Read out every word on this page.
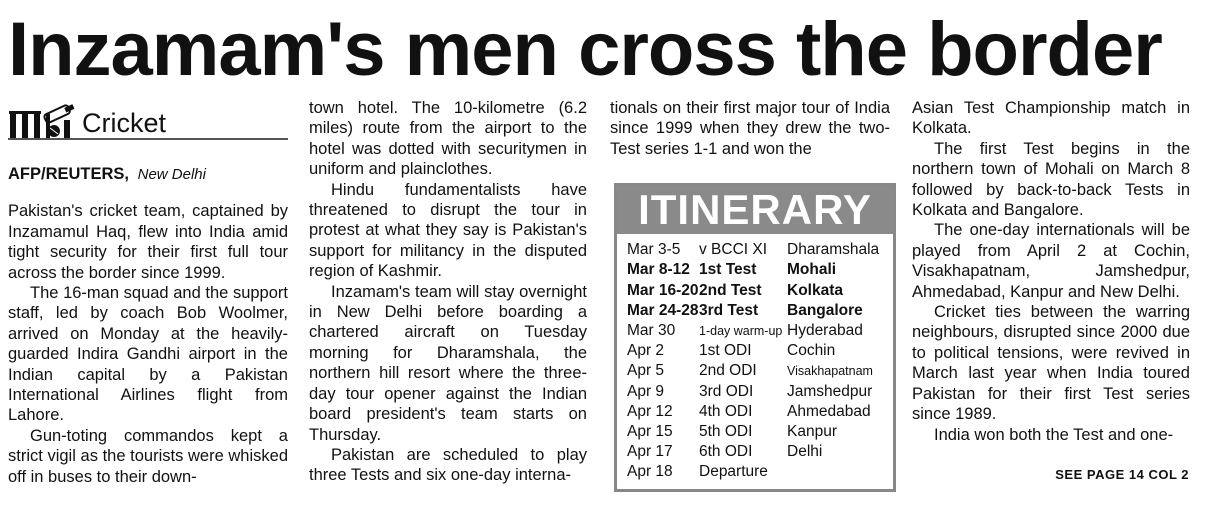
Inzamam's men cross the border
Cricket
AFP/REUTERS, New Delhi

Pakistan's cricket team, captained by Inzamamul Haq, flew into India amid tight security for their first full tour across the border since 1999.

The 16-man squad and the support staff, led by coach Bob Woolmer, arrived on Monday at the heavily-guarded Indira Gandhi airport in the Indian capital by a Pakistan International Airlines flight from Lahore.

Gun-toting commandos kept a strict vigil as the tourists were whisked off in buses to their down-

town hotel. The 10-kilometre (6.2 miles) route from the airport to the hotel was dotted with securitymen in uniform and plainclothes.

Hindu fundamentalists have threatened to disrupt the tour in protest at what they say is Pakistan's support for militancy in the disputed region of Kashmir.

Inzamam's team will stay overnight in New Delhi before boarding a chartered aircraft on Tuesday morning for Dharamshala, the northern hill resort where the three-day tour opener against the Indian board president's team starts on Thursday.

Pakistan are scheduled to play three Tests and six one-day interna-

tionals on their first major tour of India since 1999 when they drew the two-Test series 1-1 and won the

ITINERARY
Mar 3-5	v BCCI XI	Dharamshala
Mar 8-12 1st Test	Mohali
Mar 16-20 2nd Test	Kolkata
Mar 24-28 3rd Test	Bangalore
Mar 30	1-day warm-up Hyderabad
Apr 2	1st ODI	Cochin
Apr 5	2nd ODI	Visakhapatnam
Apr 9	3rd ODI	Jamshedpur
Apr 12	4th ODI	Ahmedabad
Apr 15	5th ODI	Kanpur
Apr 17	6th ODI	Delhi
Apr 18	Departure

Asian Test Championship match in Kolkata.

The first Test begins in the northern town of Mohali on March 8 followed by back-to-back Tests in Kolkata and Bangalore.

The one-day internationals will be played from April 2 at Cochin, Visakhapatnam, Jamshedpur, Ahmedabad, Kanpur and New Delhi.

Cricket ties between the warring neighbours, disrupted since 2000 due to political tensions, were revived in March last year when India toured Pakistan for their first Test series since 1989.

India won both the Test and one-

SEE PAGE 14 COL 2
